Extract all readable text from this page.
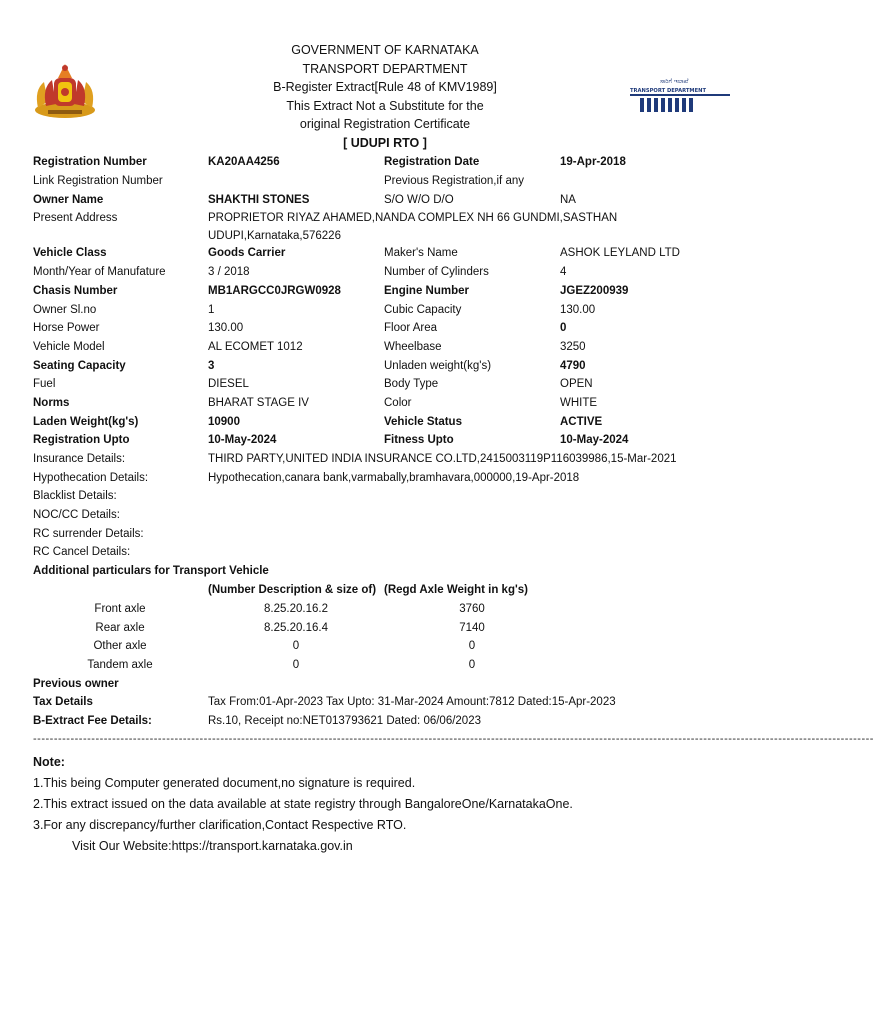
GOVERNMENT OF KARNATAKA
TRANSPORT DEPARTMENT
B-Register Extract[Rule 48 of KMV1989]
This Extract Not a Substitute for the
original Registration Certificate
[ UDUPI RTO ]
ಸಾರಿಗೆ ಇಲಾಖೆ
TRANSPORT DEPARTMENT
Registration Number	KA20AA4256	Registration Date	19-Apr-2018
Link Registration Number	Previous Registration,if any
Owner Name	SHAKTHI STONES	S/O W/O D/O	NA
Present Address	PROPRIETOR RIYAZ AHAMED,NANDA COMPLEX NH 66 GUNDMI,SASTHAN
UDUPI,Karnataka,576226
Vehicle Class	Goods Carrier	Maker's Name	ASHOK LEYLAND LTD
Month/Year of Manufature	3 / 2018	Number of Cylinders	4
Chasis Number	MB1ARGCC0JRGW0928	Engine Number	JGEZ200939
Owner Sl.no	1	Cubic Capacity	130.00
Horse Power	130.00	Floor Area	0
Vehicle Model	AL ECOMET 1012	Wheelbase	3250
Seating Capacity	3	Unladen weight(kg's)	4790
Fuel	DIESEL	Body Type	OPEN
Norms	BHARAT STAGE IV	Color	WHITE
Laden Weight(kg's)	10900	Vehicle Status	ACTIVE
Registration Upto	10-May-2024	Fitness Upto	10-May-2024
Insurance Details:	THIRD PARTY,UNITED INDIA INSURANCE CO.LTD,2415003119P116039986,15-Mar-2021
Hypothecation Details:	Hypothecation,canara bank,varmabally,bramhavara,000000,19-Apr-2018
Blacklist Details:
NOC/CC Details:
RC surrender Details:
RC Cancel Details:
Additional particulars for Transport Vehicle
(Number Description & size of) (Regd Axle Weight in kg's)
Front axle	8.25.20.16.2	3760
Rear axle	8.25.20.16.4	7140
Other axle	0	0
Tandem axle	0	0
Previous owner
Tax Details	Tax From:01-Apr-2023 Tax Upto: 31-Mar-2024 Amount:7812 Dated:15-Apr-2023
B-Extract Fee Details:	Rs.10, Receipt no:NET013793621 Dated: 06/06/2023
----------------------------------------------------------------------------------------------------------------------------------------------------------------------------------------------------------
Note:
1.This being Computer generated document,no signature is required.
2.This extract issued on the data available at state registry through BangaloreOne/KarnatakaOne.
3.For any discrepancy/further clarification,Contact Respective RTO.
Visit Our Website:https://transport.karnataka.gov.in
